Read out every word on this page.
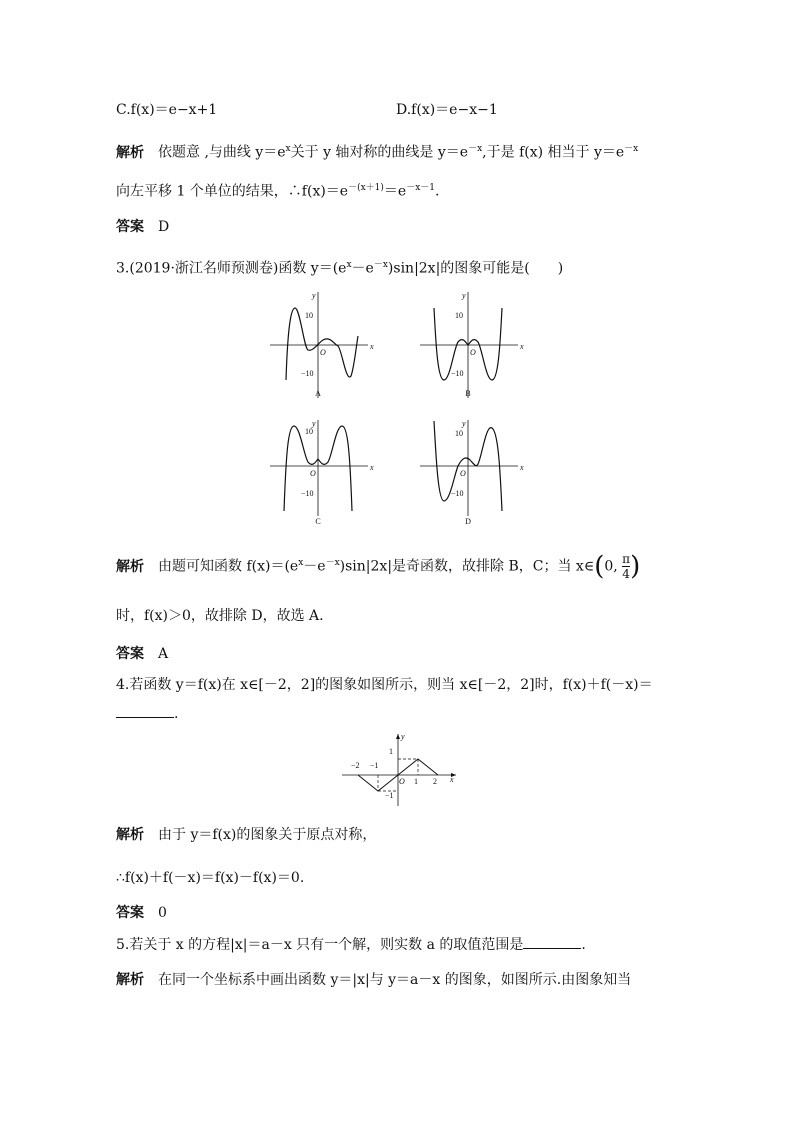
C.f(x)＝e−x+1	D.f(x)＝e−x−1
解析 依题意 ,与曲线 $y=e^x$关于 y 轴对称的曲线是 $y=e^{-x}$,于是 f(x) 相当于 $y=e^{-x}$
向左平移 1 个单位的结果，$\therefore f(x)=e^{-(x+1)}=e^{-x-1}$.
答案 D
3.(2019·浙江名师预测卷)函数 $y=(e^x-e^{-x})\sin|2x|$的图象可能是(　　)
x
y
10
−10
O
A
x
y
10
−10
O
B
x
y
10
−10
O
C
x
y
10
−10
O
D
解析 由题可知函数 $f(x)=(e^x-e^{-x})\sin|2x|$是奇函数，故排除 B，C；当 x∈(0, $\frac{\pi}{4}$ )
时，f(x)＞0，故排除 D，故选 A.
答案 A
4.若函数 y＝f(x)在 x∈[－2，2]的图象如图所示，则当 x∈[－2，2]时，f(x)＋f(－x)＝
.
x
y
−2 −1
1
−1
O 1 2
解析 由于 y＝f(x)的图象关于原点对称，
∴f(x)＋f(－x)＝f(x)－f(x)＝0.
答案 0
5.若关于 x 的方程|x|＝a－x 只有一个解，则实数 a 的取值范围是	.
解析 在同一个坐标系中画出函数 y＝|x|与 y＝a－x 的图象，如图所示.由图象知当
